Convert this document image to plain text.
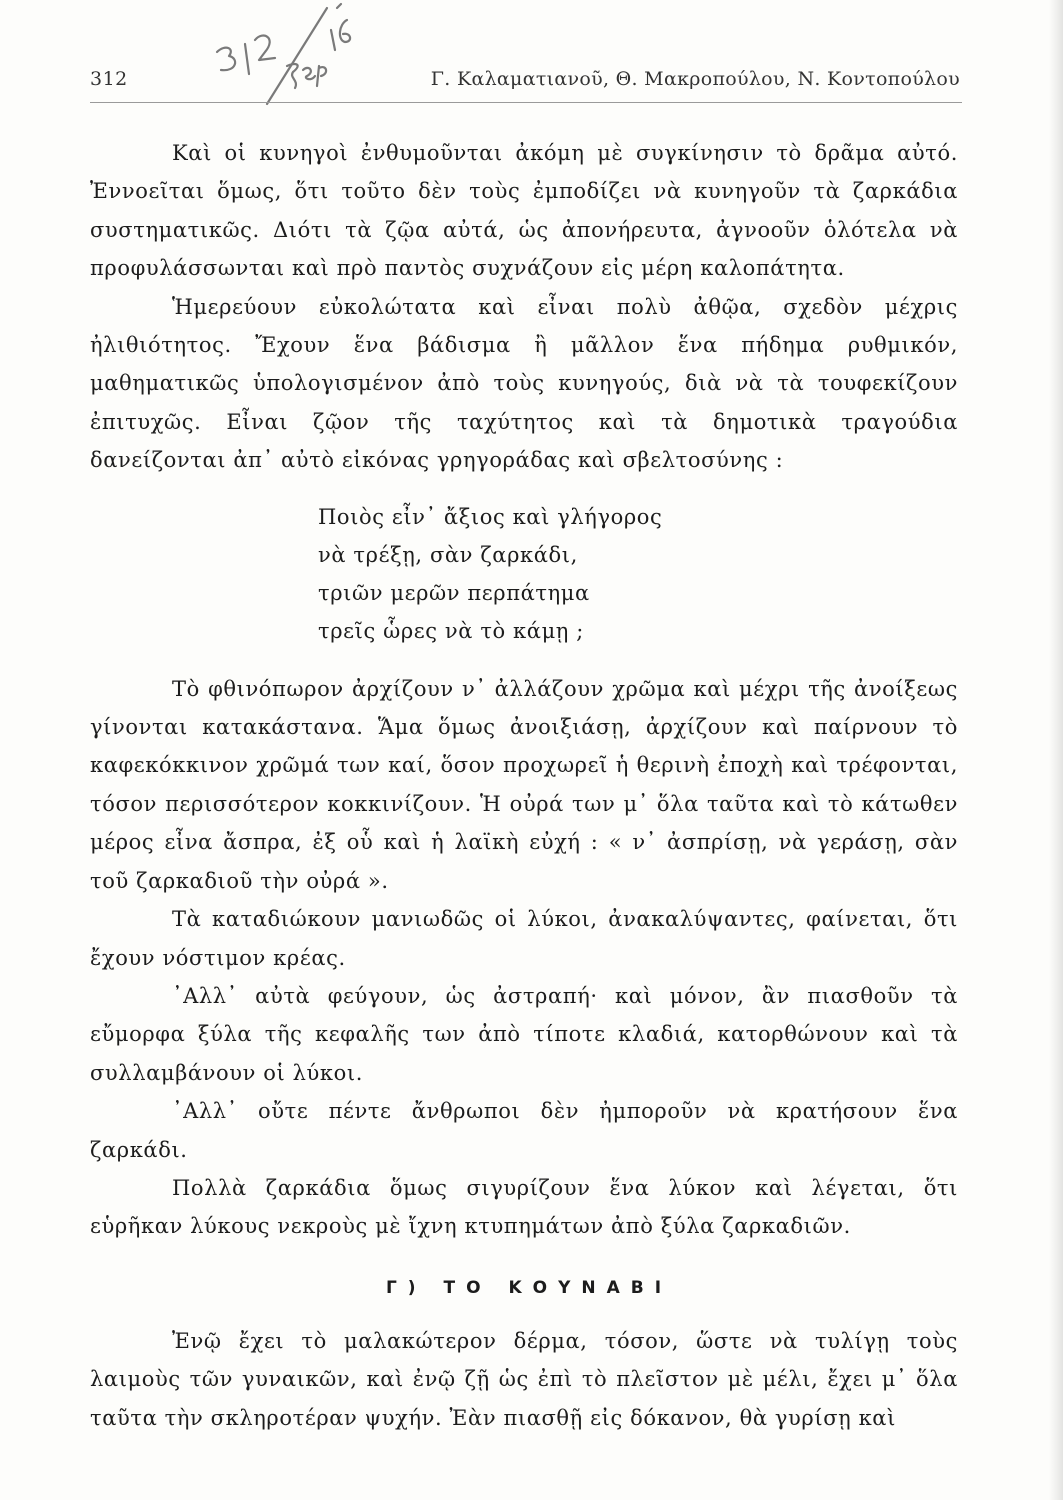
312	Γ. Καλαματιανοῦ, Θ. Μακροπούλου, Ν. Κοντοπούλου

Καὶ οἱ κυνηγοὶ ἐνθυμοῦνται ἀκόμη μὲ συγκίνησιν τὸ δρᾶμα αὐτό. Ἐννοεῖται ὅμως, ὅτι τοῦτο δὲν τοὺς ἐμποδίζει νὰ κυνηγοῦν τὰ ζαρκάδια συστηματικῶς. Διότι τὰ ζῷα αὐτά, ὡς ἀπονήρευτα, ἀγνοοῦν ὁλότελα νὰ προφυλάσσωνται καὶ πρὸ παντὸς συχνάζουν εἰς μέρη καλοπάτητα.

Ἡμερεύουν εὐκολώτατα καὶ εἶναι πολὺ ἀθῷα, σχεδὸν μέχρις ἠλιθιότητος. Ἔχουν ἕνα βάδισμα ἢ μᾶλλον ἕνα πήδημα ρυθμικόν, μαθηματικῶς ὑπολογισμένον ἀπὸ τοὺς κυνηγούς, διὰ νὰ τὰ τουφεκίζουν ἐπιτυχῶς. Εἶναι ζῷον τῆς ταχύτητος καὶ τὰ δημοτικὰ τραγούδια δανείζονται ἀπ᾿ αὐτὸ εἰκόνας γρηγοράδας καὶ σβελτοσύνης :

Ποιὸς εἶν᾿ ἄξιος καὶ γλήγορος
νὰ τρέξῃ, σὰν ζαρκάδι,
τριῶν μερῶν περπάτημα
τρεῖς ὧρες νὰ τὸ κάμῃ ;

Τὸ φθινόπωρον ἀρχίζουν ν᾿ ἀλλάζουν χρῶμα καὶ μέχρι τῆς ἀνοίξεως γίνονται κατακάστανα. Ἅμα ὅμως ἀνοιξιάσῃ, ἀρχίζουν καὶ παίρνουν τὸ καφεκόκκινον χρῶμά των καί, ὅσον προχωρεῖ ἡ θερινὴ ἐποχὴ καὶ τρέφονται, τόσον περισσότερον κοκκινίζουν. Ἡ οὐρά των μ᾿ ὅλα ταῦτα καὶ τὸ κάτωθεν μέρος εἶνα ἄσπρα, ἐξ οὗ καὶ ἡ λαϊκὴ εὐχή : « ν᾿ ἀσπρίσῃ, νὰ γεράσῃ, σὰν τοῦ ζαρκαδιοῦ τὴν οὐρά ».

Τὰ καταδιώκουν μανιωδῶς οἱ λύκοι, ἀνακαλύψαντες, φαίνεται, ὅτι ἔχουν νόστιμον κρέας.

᾿Αλλ᾿ αὐτὰ φεύγουν, ὡς ἀστραπή· καὶ μόνον, ἂν πιασθοῦν τὰ εὔμορφα ξύλα τῆς κεφαλῆς των ἀπὸ τίποτε κλαδιά, κατορθώνουν καὶ τὰ συλλαμβάνουν οἱ λύκοι.

᾿Αλλ᾿ οὔτε πέντε ἄνθρωποι δὲν ἠμποροῦν νὰ κρατήσουν ἕνα ζαρκάδι.

Πολλὰ ζαρκάδια ὅμως σιγυρίζουν ἕνα λύκον καὶ λέγεται, ὅτι εὑρῆκαν λύκους νεκροὺς μὲ ἴχνη κτυπημάτων ἀπὸ ξύλα ζαρκαδιῶν.

Γ) ΤΟ ΚΟΥΝΑΒΙ

Ἐνῷ ἔχει τὸ μαλακώτερον δέρμα, τόσον, ὥστε νὰ τυλίγῃ τοὺς λαιμοὺς τῶν γυναικῶν, καὶ ἐνῷ ζῇ ὡς ἐπὶ τὸ πλεῖστον μὲ μέλι, ἔχει μ᾿ ὅλα ταῦτα τὴν σκληροτέραν ψυχήν. Ἐὰν πιασθῇ εἰς δόκανον, θὰ γυρίσῃ καὶ
